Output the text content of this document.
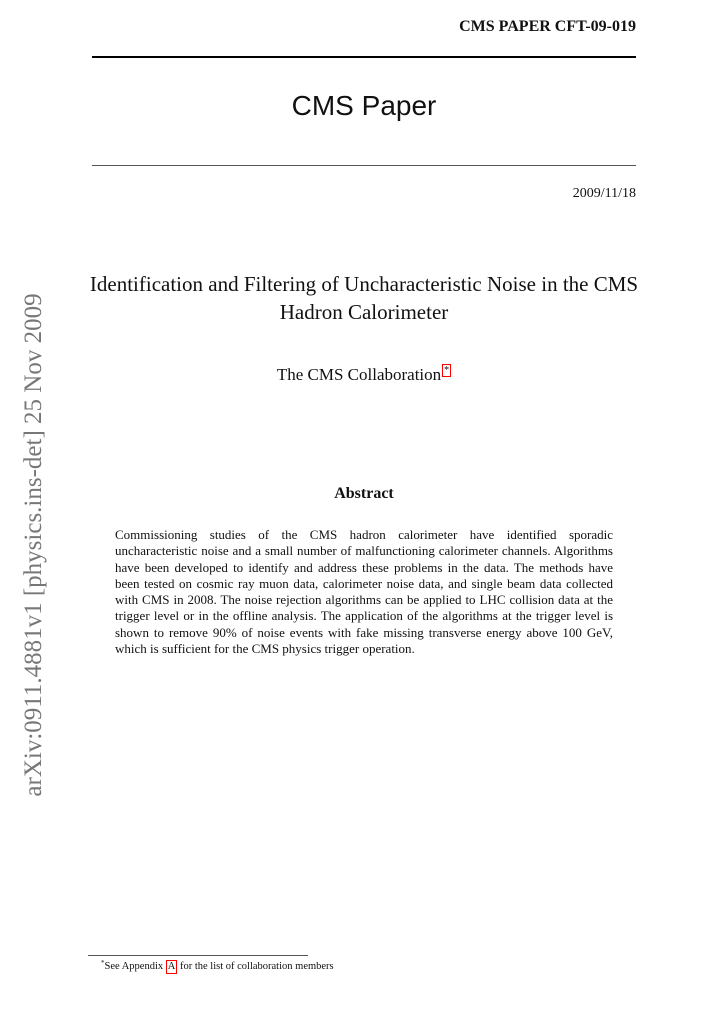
CMS PAPER CFT-09-019
CMS Paper
2009/11/18
Identification and Filtering of Uncharacteristic Noise in the CMS Hadron Calorimeter
The CMS Collaboration *
Abstract
Commissioning studies of the CMS hadron calorimeter have identified sporadic uncharacteristic noise and a small number of malfunctioning calorimeter channels. Algorithms have been developed to identify and address these problems in the data. The methods have been tested on cosmic ray muon data, calorimeter noise data, and single beam data collected with CMS in 2008. The noise rejection algorithms can be applied to LHC collision data at the trigger level or in the offline analysis. The application of the algorithms at the trigger level is shown to remove 90% of noise events with fake missing transverse energy above 100 GeV, which is sufficient for the CMS physics trigger operation.
*See Appendix A for the list of collaboration members
arXiv:0911.4881v1 [physics.ins-det] 25 Nov 2009
